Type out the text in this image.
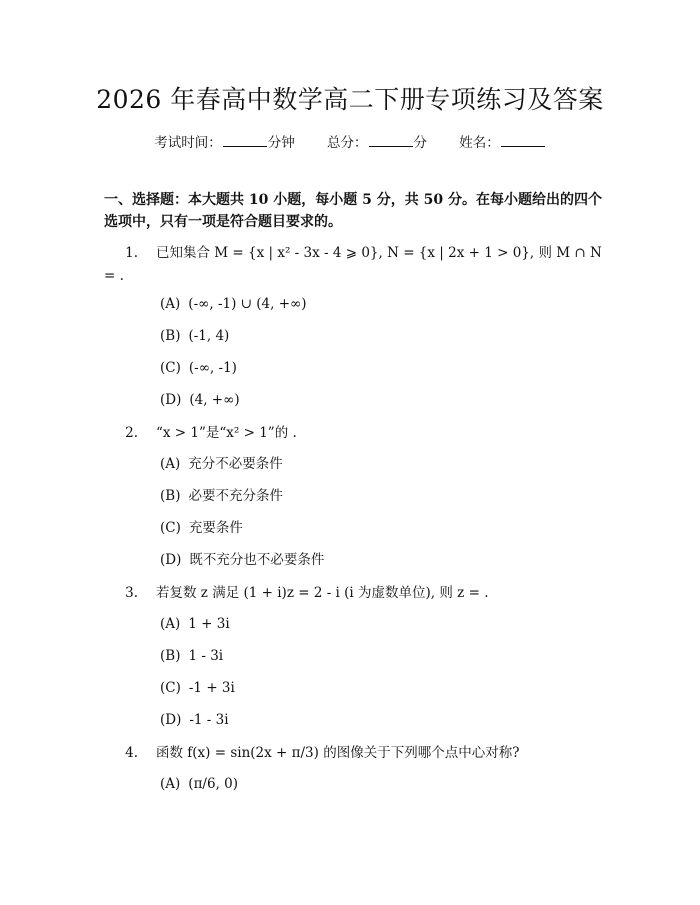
2026 年春高中数学高二下册专项练习及答案
考试时间：	分钟 总分：	分 姓名：
一、选择题：本大题共 10 小题，每小题 5 分，共 50 分。在每小题给出的四个选项中，只有一项是符合题目要求的。
1. 已知集合 M = {x | x² - 3x - 4 ⩾ 0}, N = {x | 2x + 1 > 0}, 则 M ∩ N = .
(A) (-∞, -1) ∪ (4, +∞)
(B) (-1, 4)
(C) (-∞, -1)
(D) (4, +∞)
2. “x > 1”是“x² > 1”的 .
(A) 充分不必要条件
(B) 必要不充分条件
(C) 充要条件
(D) 既不充分也不必要条件
3. 若复数 z 满足 (1 + i)z = 2 - i (i 为虚数单位), 则 z = .
(A) 1 + 3i
(B) 1 - 3i
(C) -1 + 3i
(D) -1 - 3i
4. 函数 f(x) = sin(2x + π/3) 的图像关于下列哪个点中心对称?
(A) (π/6, 0)
